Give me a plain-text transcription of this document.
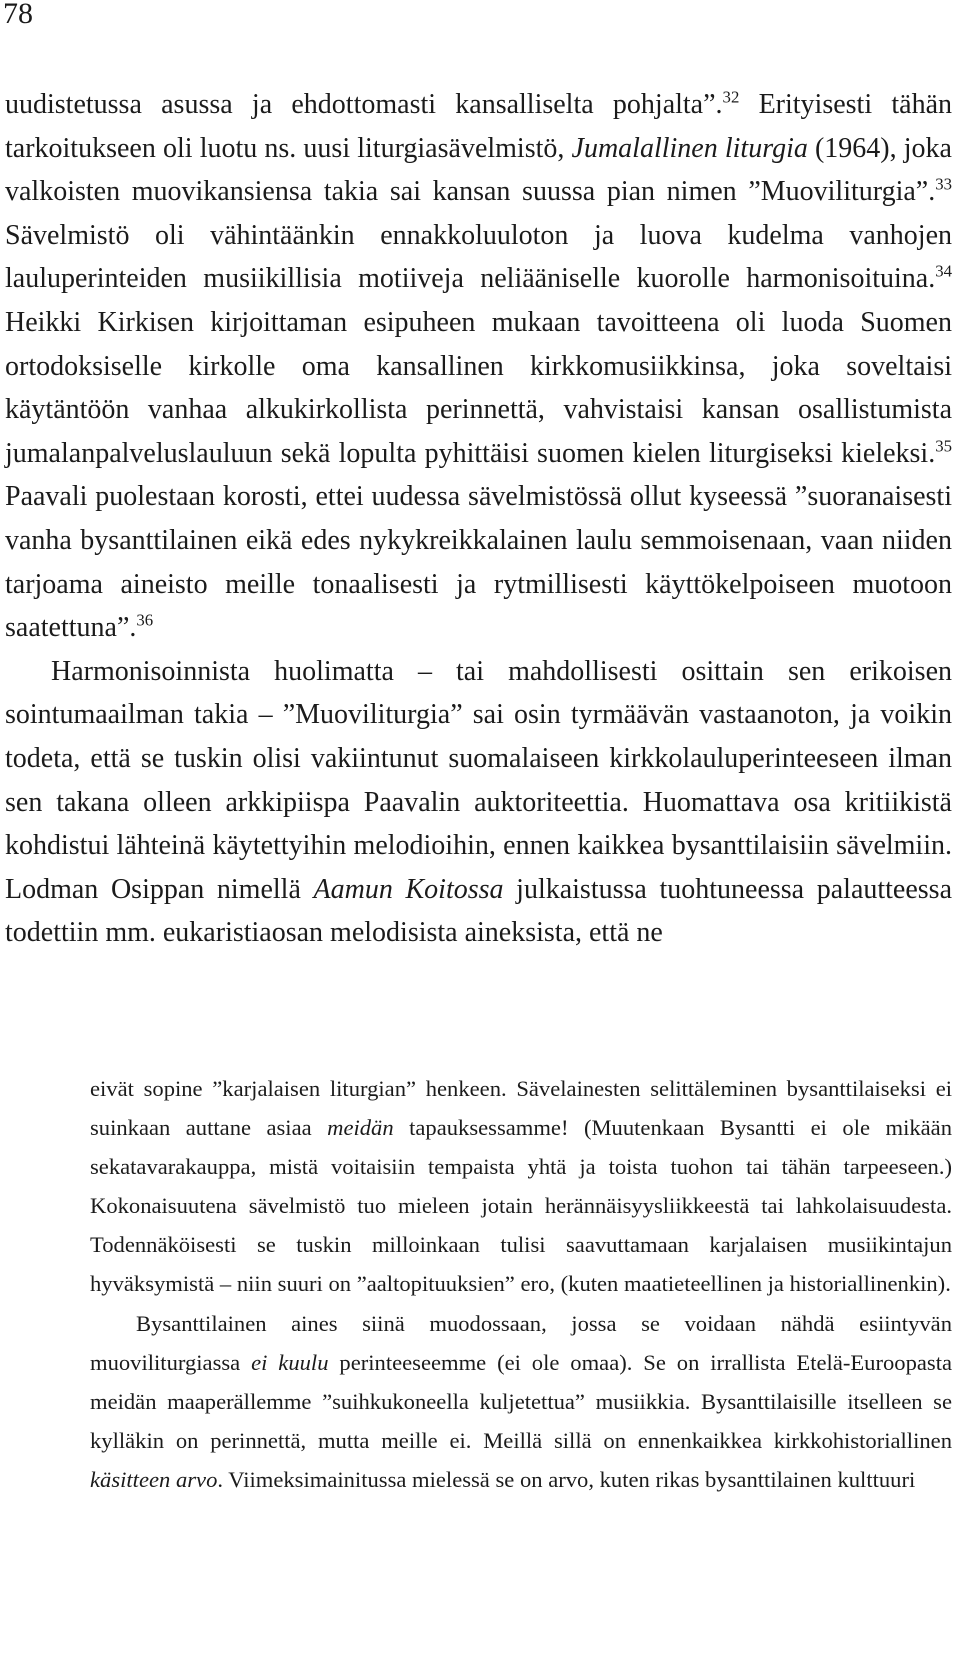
78

uudistetussa asussa ja ehdottomasti kansalliselta pohjalta”.$^{32}$ Erityisesti tähän tarkoitukseen oli luotu ns. uusi liturgiasävelmistö, Jumalallinen liturgia (1964), joka valkoisten muovikansiensa takia sai kansan suussa pian nimen ”Muoviliturgia”.$^{33}$ Sävelmistö oli vähintäänkin ennakkoluuloton ja luova kudelma vanhojen lauluperinteiden musiikillisia motiiveja neliääniselle kuorolle harmonisoituina.$^{34}$ Heikki Kirkisen kirjoittaman esipuheen mukaan tavoitteena oli luoda Suomen ortodoksiselle kirkolle oma kansallinen kirkkomusiikkinsa, joka soveltaisi käytäntöön vanhaa alkukirkollista perinnettä, vahvistaisi kansan osallistumista jumalanpalveluslauluun sekä lopulta pyhittäisi suomen kielen liturgiseksi kieleksi.$^{35}$ Paavali puolestaan korosti, ettei uudessa sävelmistössä ollut kyseessä ”suoranaisesti vanha bysanttilainen eikä edes nykykreikkalainen laulu semmoisenaan, vaan niiden tarjoama aineisto meille tonaalisesti ja rytmillisesti käyttökelpoiseen muotoon saatettuna”.$^{36}$

Harmonisoinnista huolimatta – tai mahdollisesti osittain sen erikoisen sointumaailman takia – ”Muoviliturgia” sai osin tyrmäävän vastaanoton, ja voikin todeta, että se tuskin olisi vakiintunut suomalaiseen kirkkolauluperinteeseen ilman sen takana olleen arkkipiispa Paavalin auktoriteettia. Huomattava osa kritiikistä kohdistui lähteinä käytettyihin melodioihin, ennen kaikkea bysanttilaisiin sävelmiin. Lodman Osippan nimellä Aamun Koitossa julkaistussa tuohtuneessa palautteessa todettiin mm. eukaristiaosan melodisista aineksista, että ne

eivät sopine ”karjalaisen liturgian” henkeen. Sävelainesten selittäleminen bysanttilaiseksi ei suinkaan auttane asiaa meidän tapauksessamme! (Muutenkaan Bysantti ei ole mikään sekatavarakauppa, mistä voitaisiin tempaista yhtä ja toista tuohon tai tähän tarpeeseen.) Kokonaisuutena sävelmistö tuo mieleen jotain herännäisyysliikkeestä tai lahkolaisuudesta. Todennäköisesti se tuskin milloinkaan tulisi saavuttamaan karjalaisen musiikintajun hyväksymistä – niin suuri on ”aaltopituuksien” ero, (kuten maatieteellinen ja historiallinenkin).

Bysanttilainen aines siinä muodossaan, jossa se voidaan nähdä esiintyvän muoviliturgiassa ei kuulu perinteeseemme (ei ole omaa). Se on irrallista Etelä-Euroopasta meidän maaperällemme ”suihkukoneella kuljetettua” musiikkia. Bysanttilaisille itselleen se kylläkin on perinnettä, mutta meille ei. Meillä sillä on ennenkaikkea kirkkohistoriallinen käsitteen arvo. Viimeksimainitussa mielessä se on arvo, kuten rikas bysanttilainen kulttuuri
